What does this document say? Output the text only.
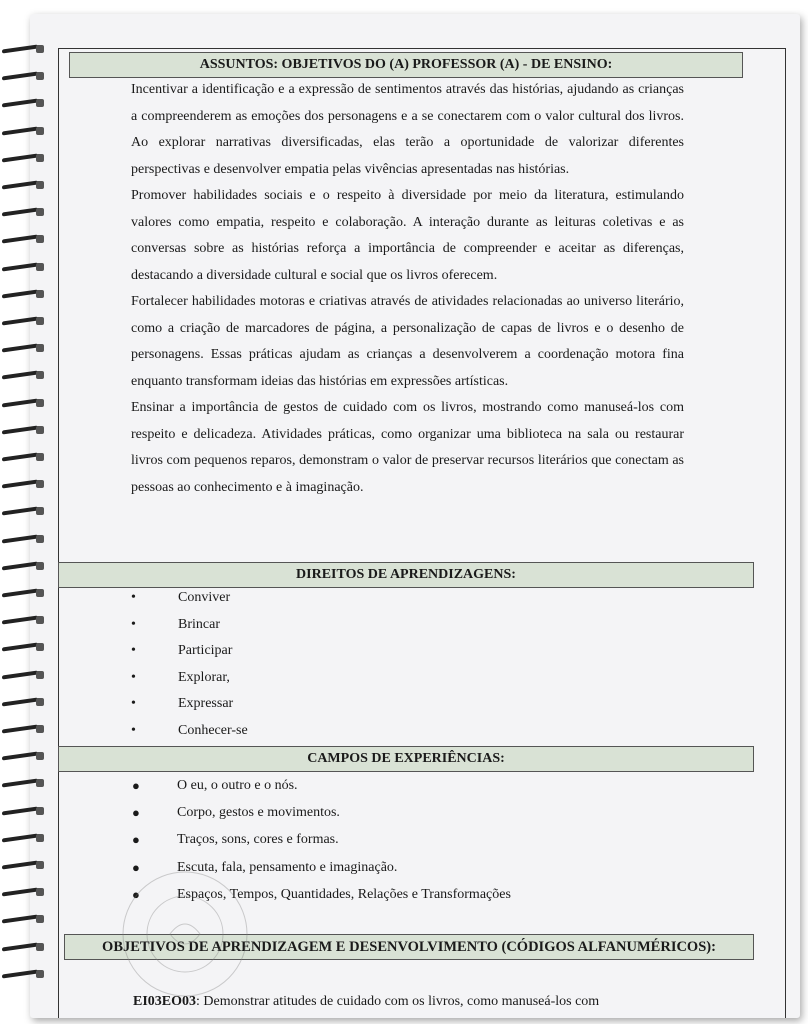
ASSUNTOS: OBJETIVOS DO (A) PROFESSOR (A) - DE ENSINO:

Incentivar a identificação e a expressão de sentimentos através das histórias, ajudando as crianças a compreenderem as emoções dos personagens e a se conectarem com o valor cultural dos livros. Ao explorar narrativas diversificadas, elas terão a oportunidade de valorizar diferentes perspectivas e desenvolver empatia pelas vivências apresentadas nas histórias.

Promover habilidades sociais e o respeito à diversidade por meio da literatura, estimulando valores como empatia, respeito e colaboração. A interação durante as leituras coletivas e as conversas sobre as histórias reforça a importância de compreender e aceitar as diferenças, destacando a diversidade cultural e social que os livros oferecem.

Fortalecer habilidades motoras e criativas através de atividades relacionadas ao universo literário, como a criação de marcadores de página, a personalização de capas de livros e o desenho de personagens. Essas práticas ajudam as crianças a desenvolverem a coordenação motora fina enquanto transformam ideias das histórias em expressões artísticas.

Ensinar a importância de gestos de cuidado com os livros, mostrando como manuseá-los com respeito e delicadeza. Atividades práticas, como organizar uma biblioteca na sala ou restaurar livros com pequenos reparos, demonstram o valor de preservar recursos literários que conectam as pessoas ao conhecimento e à imaginação.

DIREITOS DE APRENDIZAGENS:
•	Conviver
•	Brincar
•	Participar
•	Explorar,
•	Expressar
•	Conhecer-se
CAMPOS DE EXPERIÊNCIAS:
●	O eu, o outro e o nós.
●	Corpo, gestos e movimentos.
●	Traços, sons, cores e formas.
●	Escuta, fala, pensamento e imaginação.
●	Espaços, Tempos, Quantidades, Relações e Transformações
OBJETIVOS DE APRENDIZAGEM E DESENVOLVIMENTO (CÓDIGOS ALFANUMÉRICOS):
EI03EO03: Demonstrar atitudes de cuidado com os livros, como manuseá-los com
